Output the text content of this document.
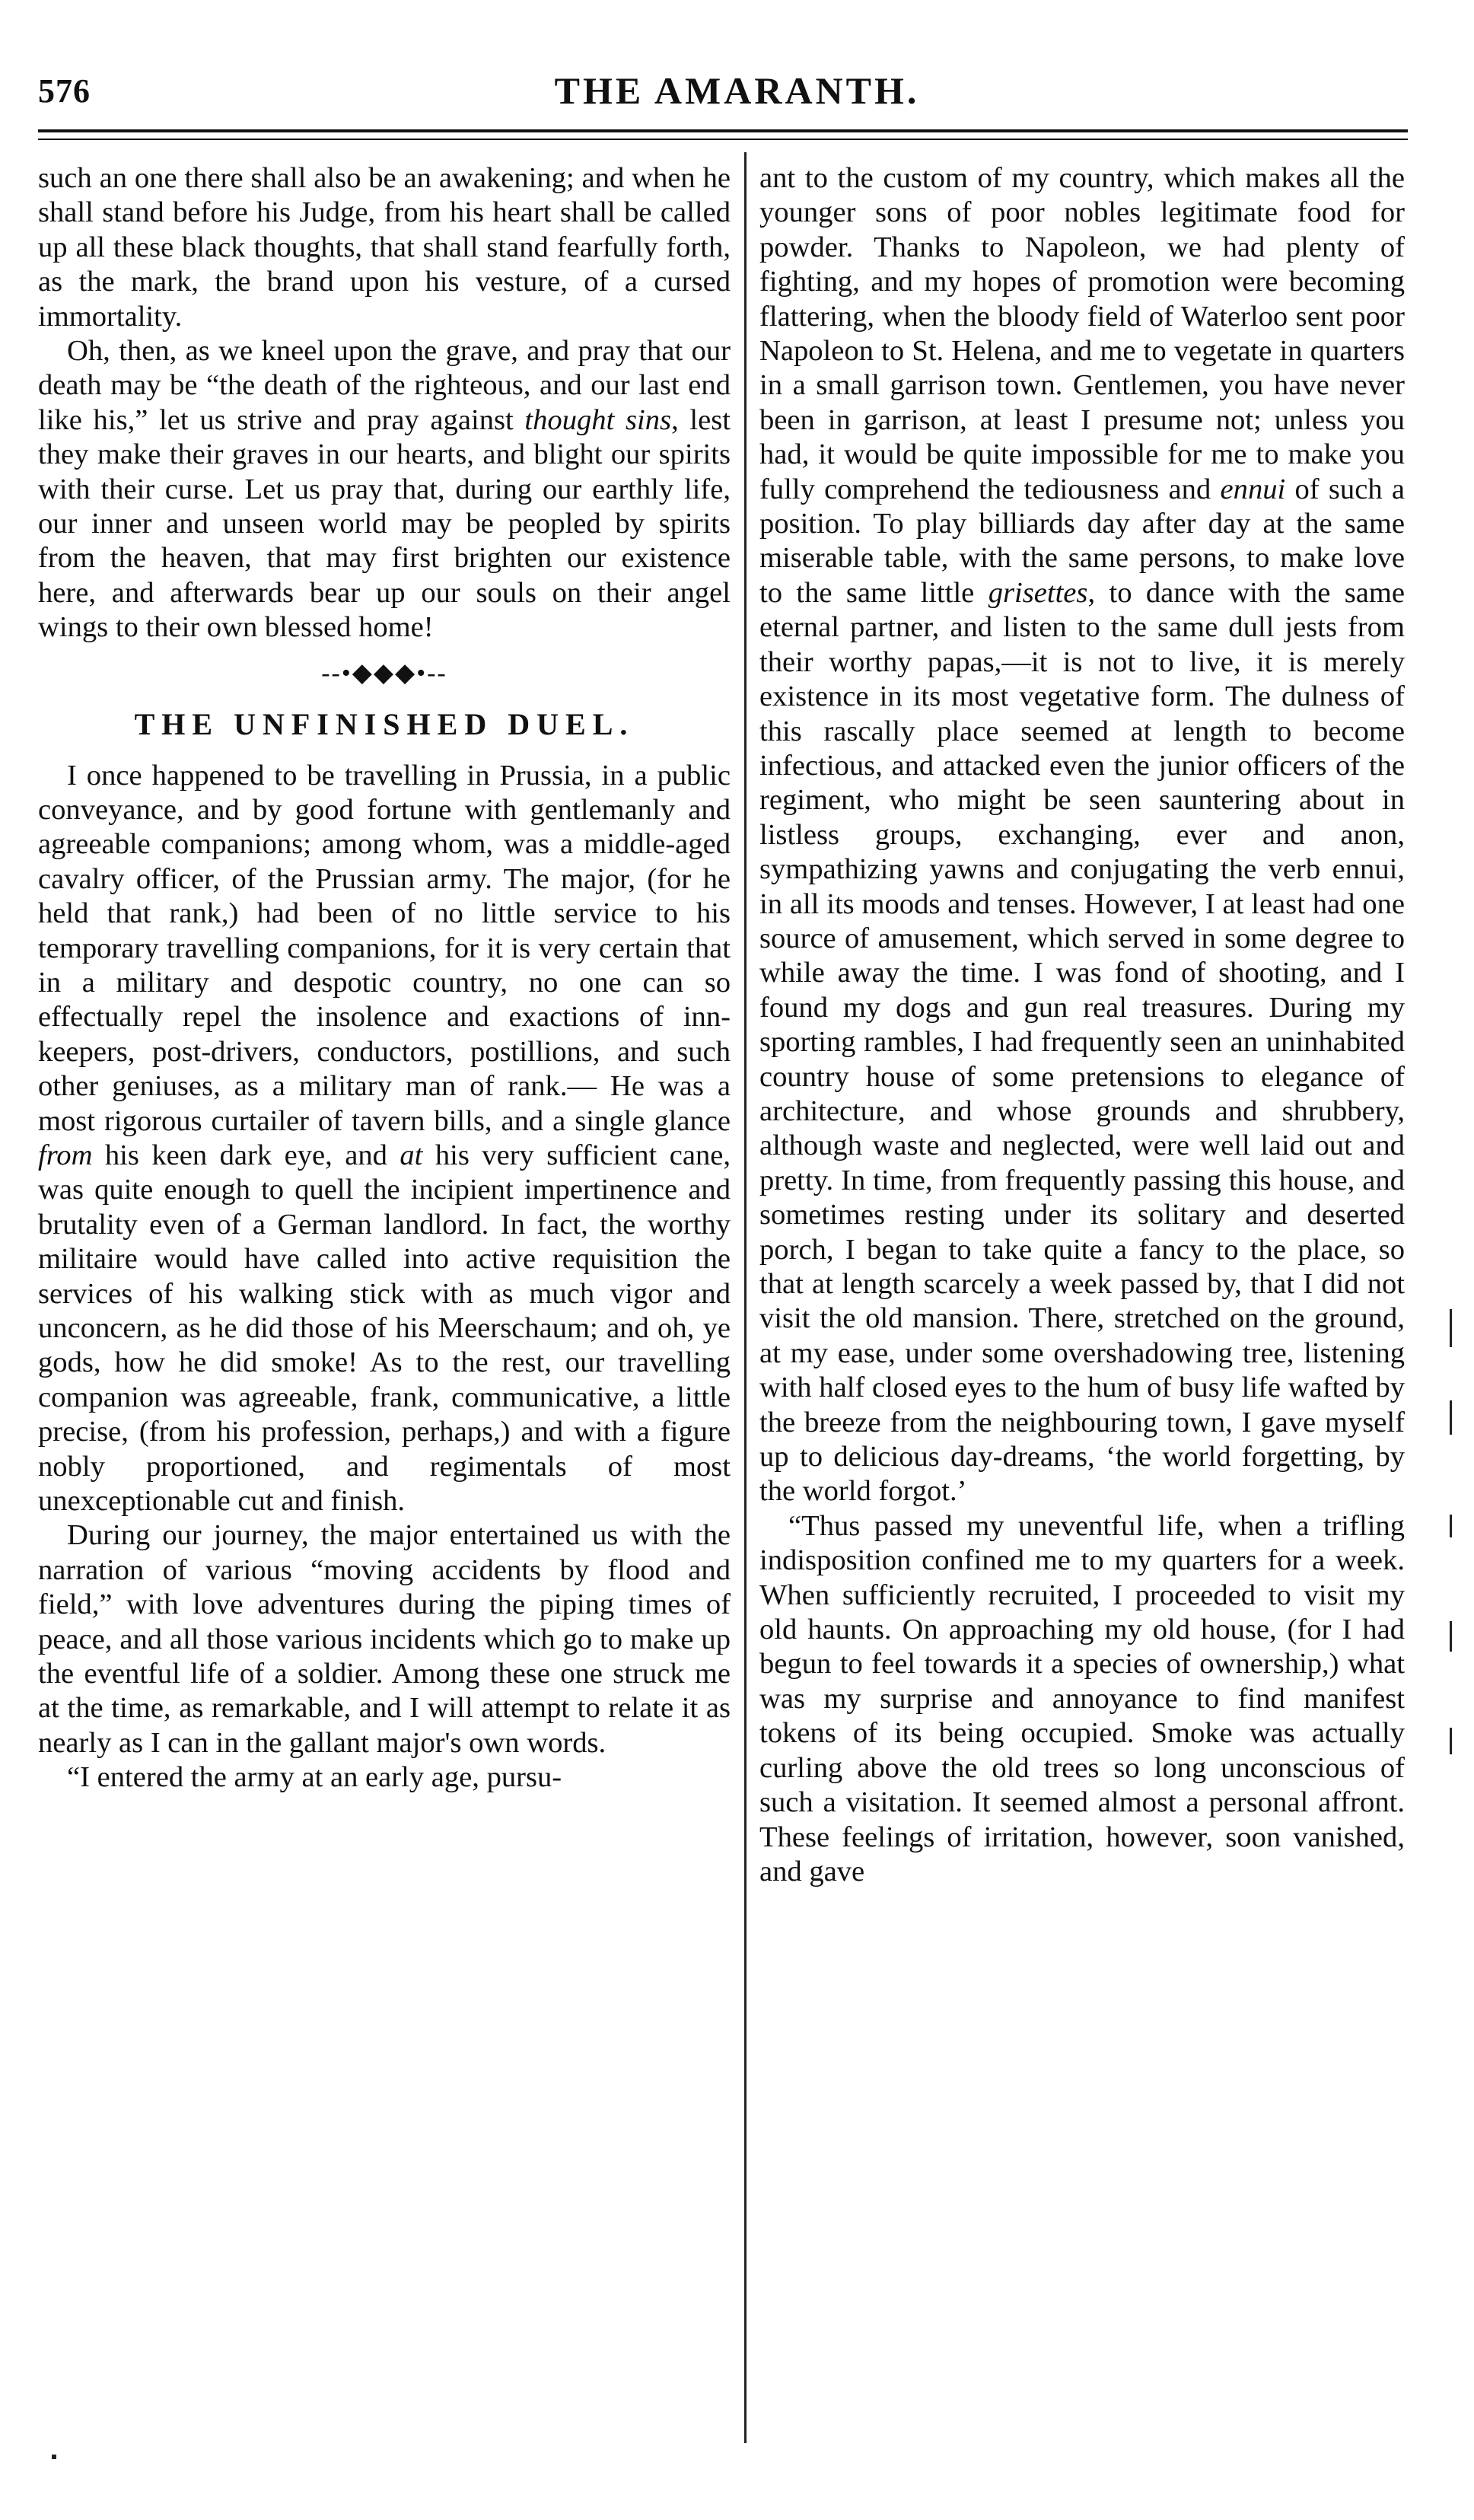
576	THE AMARANTH.

such an one there shall also be an awakening; and when he shall stand before his Judge, from his heart shall be called up all these black thoughts, that shall stand fearfully forth, as the mark, the brand upon his vesture, of a cursed immortality.

Oh, then, as we kneel upon the grave, and pray that our death may be “the death of the righteous, and our last end like his,” let us strive and pray against thought sins, lest they make their graves in our hearts, and blight our spirits with their curse. Let us pray that, during our earthly life, our inner and unseen world may be peopled by spirits from the heaven, that may first brighten our existence here, and afterwards bear up our souls on their angel wings to their own blessed home!

--•◆◆◆•--
THE UNFINISHED DUEL.

I once happened to be travelling in Prussia, in a public conveyance, and by good fortune with gentlemanly and agreeable companions; among whom, was a middle-aged cavalry officer, of the Prussian army. The major, (for he held that rank,) had been of no little service to his temporary travelling companions, for it is very certain that in a military and despotic country, no one can so effectually repel the insolence and exactions of inn-keepers, post-drivers, conductors, postillions, and such other geniuses, as a military man of rank.— He was a most rigorous curtailer of tavern bills, and a single glance from his keen dark eye, and at his very sufficient cane, was quite enough to quell the incipient impertinence and brutality even of a German landlord. In fact, the worthy militaire would have called into active requisition the services of his walking stick with as much vigor and unconcern, as he did those of his Meerschaum; and oh, ye gods, how he did smoke! As to the rest, our travelling companion was agreeable, frank, communicative, a little precise, (from his profession, perhaps,) and with a figure nobly proportioned, and regimentals of most unexceptionable cut and finish.

During our journey, the major entertained us with the narration of various “moving accidents by flood and field,” with love adventures during the piping times of peace, and all those various incidents which go to make up the eventful life of a soldier. Among these one struck me at the time, as remarkable, and I will attempt to relate it as nearly as I can in the gallant major's own words.

“I entered the army at an early age, pursu-

ant to the custom of my country, which makes all the younger sons of poor nobles legitimate food for powder. Thanks to Napoleon, we had plenty of fighting, and my hopes of promotion were becoming flattering, when the bloody field of Waterloo sent poor Napoleon to St. Helena, and me to vegetate in quarters in a small garrison town. Gentlemen, you have never been in garrison, at least I presume not; unless you had, it would be quite impossible for me to make you fully comprehend the tediousness and ennui of such a position. To play billiards day after day at the same miserable table, with the same persons, to make love to the same little grisettes, to dance with the same eternal partner, and listen to the same dull jests from their worthy papas,—it is not to live, it is merely existence in its most vegetative form. The dulness of this rascally place seemed at length to become infectious, and attacked even the junior officers of the regiment, who might be seen sauntering about in listless groups, exchanging, ever and anon, sympathizing yawns and conjugating the verb ennui, in all its moods and tenses. However, I at least had one source of amusement, which served in some degree to while away the time. I was fond of shooting, and I found my dogs and gun real treasures. During my sporting rambles, I had frequently seen an uninhabited country house of some pretensions to elegance of architecture, and whose grounds and shrubbery, although waste and neglected, were well laid out and pretty. In time, from frequently passing this house, and sometimes resting under its solitary and deserted porch, I began to take quite a fancy to the place, so that at length scarcely a week passed by, that I did not visit the old mansion. There, stretched on the ground, at my ease, under some overshadowing tree, listening with half closed eyes to the hum of busy life wafted by the breeze from the neighbouring town, I gave myself up to delicious day-dreams, ‘the world forgetting, by the world forgot.’

“Thus passed my uneventful life, when a trifling indisposition confined me to my quarters for a week. When sufficiently recruited, I proceeded to visit my old haunts. On approaching my old house, (for I had begun to feel towards it a species of ownership,) what was my surprise and annoyance to find manifest tokens of its being occupied. Smoke was actually curling above the old trees so long unconscious of such a visitation. It seemed almost a personal affront. These feelings of irritation, however, soon vanished, and gave
